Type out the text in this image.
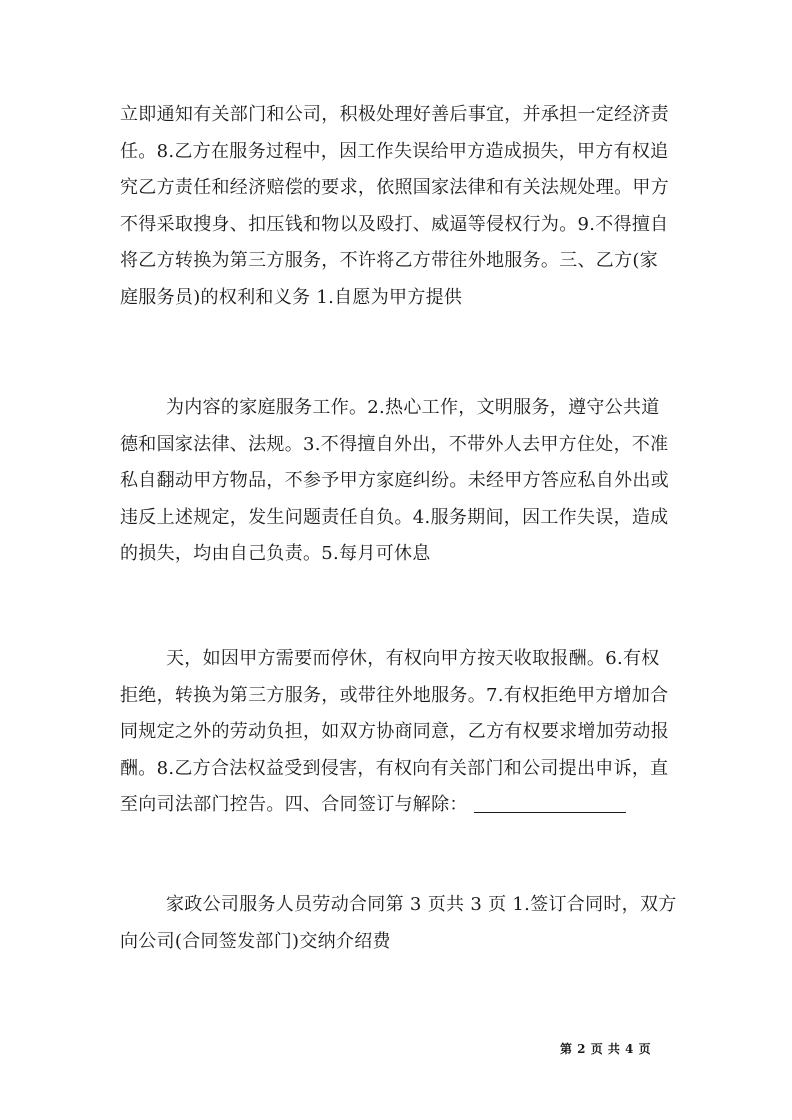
立即通知有关部门和公司，积极处理好善后事宜，并承担一定经济责
任。8.乙方在服务过程中，因工作失误给甲方造成损失，甲方有权追
究乙方责任和经济赔偿的要求，依照国家法律和有关法规处理。甲方
不得采取搜身、扣压钱和物以及殴打、威逼等侵权行为。9.不得擅自
将乙方转换为第三方服务，不许将乙方带往外地服务。三、乙方(家
庭服务员)的权利和义务 1.自愿为甲方提供
为内容的家庭服务工作。2.热心工作，文明服务，遵守公共道
德和国家法律、法规。3.不得擅自外出，不带外人去甲方住处，不准
私自翻动甲方物品，不参予甲方家庭纠纷。未经甲方答应私自外出或
违反上述规定，发生问题责任自负。4.服务期间，因工作失误，造成
的损失，均由自己负责。5.每月可休息
天，如因甲方需要而停休，有权向甲方按天收取报酬。6.有权
拒绝，转换为第三方服务，或带往外地服务。7.有权拒绝甲方增加合
同规定之外的劳动负担，如双方协商同意，乙方有权要求增加劳动报
酬。8.乙方合法权益受到侵害，有权向有关部门和公司提出申诉，直
至向司法部门控告。四、合同签订与解除：
家政公司服务人员劳动合同第 3 页共 3 页 1.签订合同时，双方
向公司(合同签发部门)交纳介绍费
第 2 页 共 4 页
